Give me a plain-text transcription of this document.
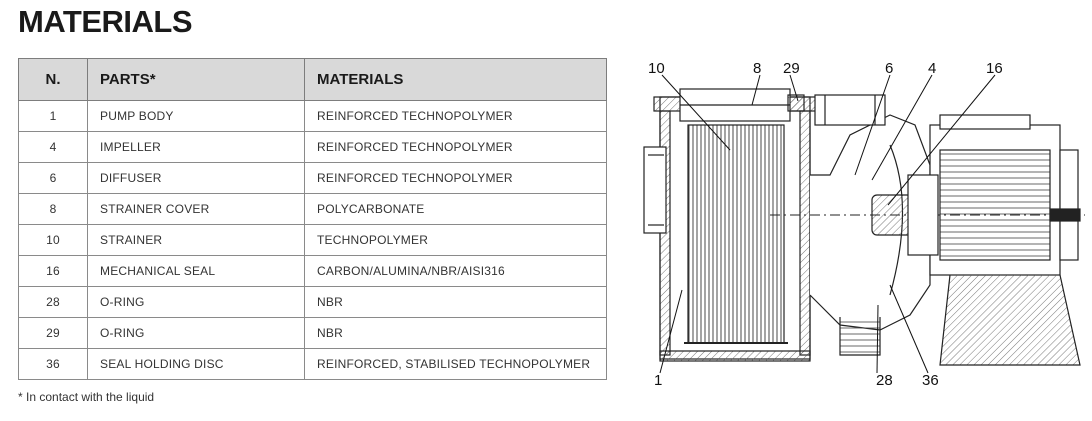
MATERIALS
N.	PARTS*	MATERIALS
1	PUMP BODY	REINFORCED TECHNOPOLYMER
4	IMPELLER	REINFORCED TECHNOPOLYMER
6	DIFFUSER	REINFORCED TECHNOPOLYMER
8	STRAINER COVER	POLYCARBONATE
10	STRAINER	TECHNOPOLYMER
16	MECHANICAL SEAL	CARBON/ALUMINA/NBR/AISI316
28	O-RING	NBR
29	O-RING	NBR
36	SEAL HOLDING DISC	REINFORCED, STABILISED TECHNOPOLYMER
* In contact with the liquid
10	8 29	6 4	16
1	28 36
